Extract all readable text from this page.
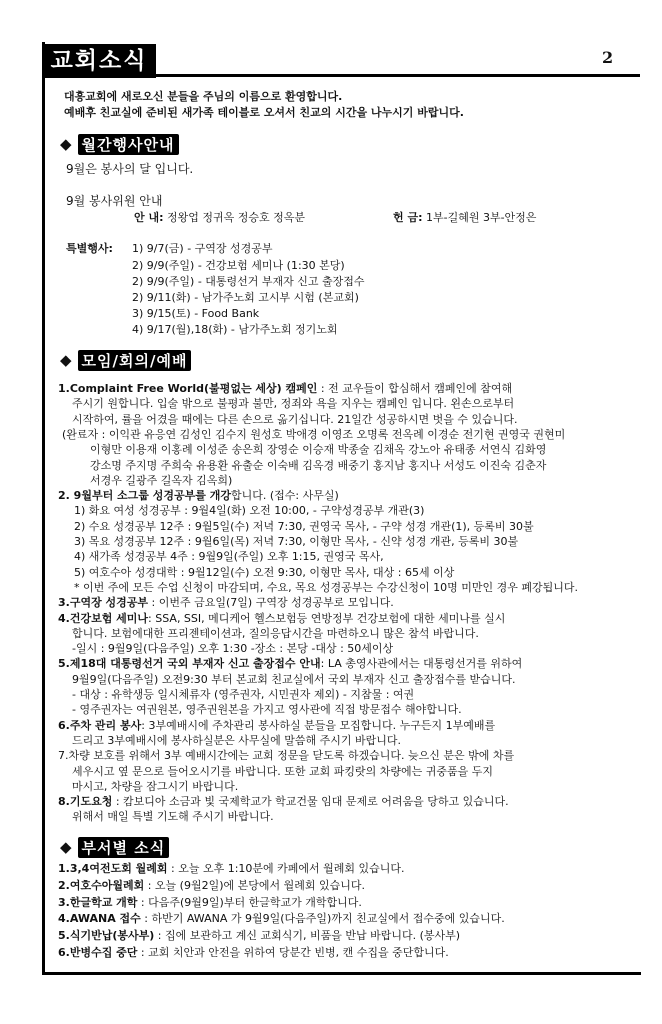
교회소식	2
대흥교회에 새로오신 분들을 주님의 이름으로 환영합니다.
예배후 친교실에 준비된 새가족 테이블로 오셔서 친교의 시간을 나누시기 바랍니다.
◆ 월간행사안내
9월은 봉사의 달 입니다.
9월 봉사위원 안내
안 내: 정왕업 정귀옥 정승호 정옥분	헌 금: 1부-길혜원 3부-안정은
특별행사: 1) 9/7(금) - 구역장 성경공부
2) 9/9(주일) - 건강보험 세미나 (1:30 본당)
2) 9/9(주일) - 대통령선거 부재자 신고 출장접수
2) 9/11(화) - 남가주노회 고시부 시험 (본교회)
3) 9/15(토) - Food Bank
4) 9/17(월),18(화) - 남가주노회 정기노회
◆ 모임/회의/예배
1.Complaint Free World(불평없는 세상) 캠페인 : 전 교우들이 합심해서 캠페인에 참여해
주시기 원합니다. 입술 밖으로 불평과 불만, 정죄와 욕을 지우는 캠페인 입니다. 왼손으로부터
시작하여, 률을 어겼을 때에는 다른 손으로 옮기십니다. 21일간 성공하시면 벗을 수 있습니다.
(완료자 : 이익관 유응연 김성인 김수지 원성호 박애경 이영조 오명록 전옥례 이경순 전기현 권영국 권현미
이형만 이용재 이홍례 이성준 송은희 장영순 이승재 박종술 김채옥 강노아 유태종 서연식 김화영
강소명 주지명 주희숙 유용환 유출순 이숙배 김옥경 배중기 홍지남 홍지나 서성도 이진숙 김춘자
서경우 길광주 길옥자 김옥희)
2. 9월부터 소그룹 성경공부를 개강합니다. (접수: 사무실)
1) 화요 여성 성경공부 : 9월4일(화) 오전 10:00, - 구약성경공부 개관(3)
2) 수요 성경공부 12주 : 9월5일(수) 저녁 7:30, 권영국 목사, - 구약 성경 개관(1), 등록비 30불
3) 목요 성경공부 12주 : 9월6일(목) 저녁 7:30, 이형만 목사, - 신약 성경 개관, 등록비 30불
4) 새가족 성경공부 4주 : 9월9일(주일) 오후 1:15, 권영국 목사,
5) 여호수아 성경대학 : 9월12일(수) 오전 9:30, 이형만 목사, 대상 : 65세 이상
* 이번 주에 모든 수업 신청이 마감되며, 수요, 목요 성경공부는 수강신청이 10명 미만인 경우 폐강됩니다.
3.구역장 성경공부 : 이번주 금요일(7일) 구역장 성경공부로 모입니다.
4.건강보험 세미나: SSA, SSI, 메디케어 헬스보험등 연방정부 건강보험에 대한 세미나를 실시
합니다. 보험에대한 프리젠테이션과, 질의응답시간을 마련하오니 많은 참석 바랍니다.
-일시 : 9월9일(다음주일) 오후 1:30 -장소 : 본당 -대상 : 50세이상
5.제18대 대통령선거 국외 부재자 신고 출장접수 안내: LA 총영사관에서는 대통령선거를 위하여
9월9일(다음주일) 오전9:30 부터 본교회 친교실에서 국외 부재자 신고 출장접수를 받습니다.
- 대상 : 유학생등 일시체류자 (영주권자, 시민권자 제외) - 지참물 : 여권
- 영주권자는 여권원본, 영주권원본을 가지고 영사관에 직접 방문접수 해야합니다.
6.주차 관리 봉사: 3부예배시에 주차관리 봉사하실 분들을 모집합니다. 누구든지 1부예배를
드리고 3부예배시에 봉사하실분은 사무실에 말씀해 주시기 바랍니다.
7.차량 보호를 위해서 3부 예배시간에는 교회 정문을 닫도록 하겠습니다. 늦으신 분은 밖에 차를
세우시고 옆 문으로 들어오시기를 바랍니다. 또한 교회 파킹랏의 차량에는 귀중품을 두지
마시고, 차량을 잠그시기 바랍니다.
8.기도요청 : 캄보디아 소금과 빛 국제학교가 학교건물 임대 문제로 어려움을 당하고 있습니다.
위해서 매일 특별 기도해 주시기 바랍니다.
◆ 부서별 소식
1.3,4여전도회 월례회 : 오늘 오후 1:10분에 카페에서 월례회 있습니다.
2.여호수아월례회 : 오늘 (9월2일)에 본당에서 월례회 있습니다.
3.한글학교 개학 : 다음주(9월9일)부터 한글학교가 개학합니다.
4.AWANA 접수 : 하반기 AWANA 가 9월9일(다음주일)까지 친교실에서 접수중에 있습니다.
5.식기반납(봉사부) : 집에 보관하고 계신 교회식기, 비품을 반납 바랍니다. (봉사부)
6.반병수집 중단 : 교회 치안과 안전을 위하여 당분간 빈병, 캔 수집을 중단합니다.
